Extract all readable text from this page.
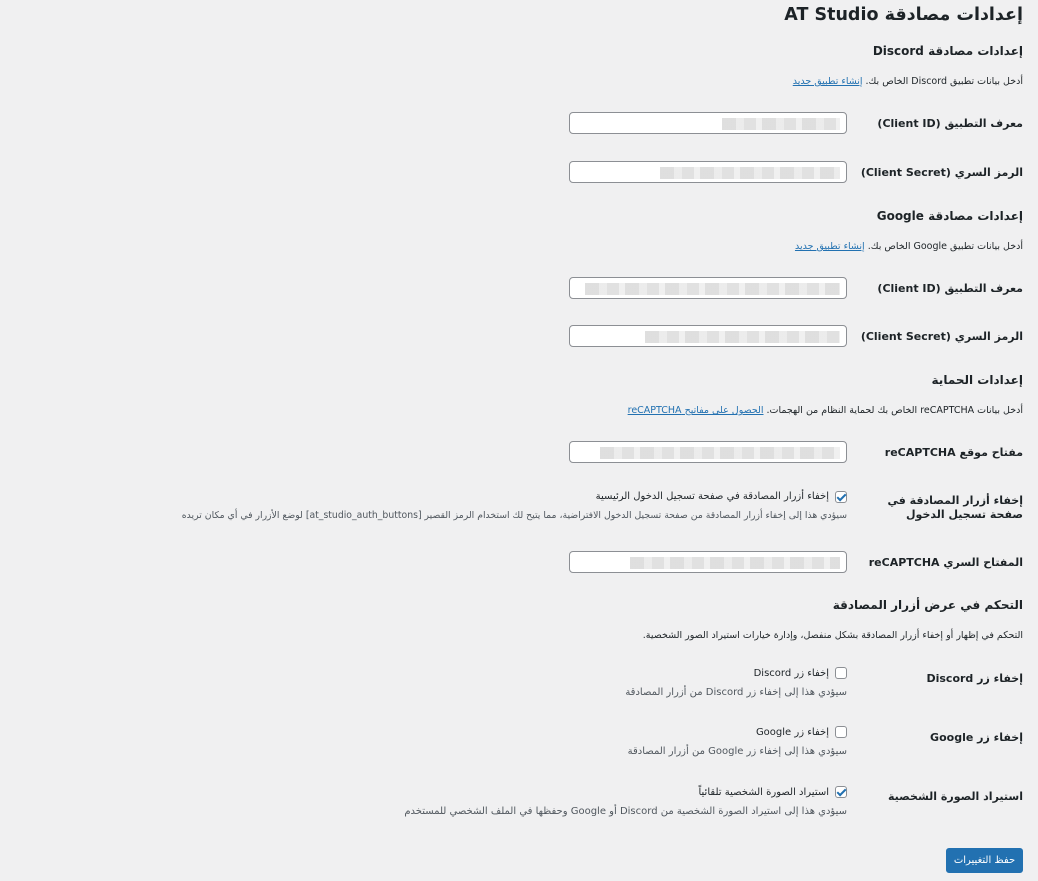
إعدادات مصادقة AT Studio
إعدادات مصادقة Discord
أدخل بيانات تطبيق Discord الخاص بك. إنشاء تطبيق جديد
معرف التطبيق (Client ID)
الرمز السري (Client Secret)
إعدادات مصادقة Google
أدخل بيانات تطبيق Google الخاص بك. إنشاء تطبيق جديد
معرف التطبيق (Client ID)
الرمز السري (Client Secret)
إعدادات الحماية
أدخل بيانات reCAPTCHA الخاص بك لحماية النظام من الهجمات. الحصول على مفاتيح reCAPTCHA
مفتاح موقع reCAPTCHA
إخفاء أزرار المصادقة في صفحة تسجيل الدخول
إخفاء أزرار المصادقة في صفحة تسجيل الدخول الرئيسية
سيؤدي هذا إلى إخفاء أزرار المصادقة من صفحة تسجيل الدخول الافتراضية، مما يتيح لك استخدام الرمز القصير [at_studio_auth_buttons] لوضع الأزرار في أي مكان تريده
المفتاح السري reCAPTCHA
التحكم في عرض أزرار المصادقة
التحكم في إظهار أو إخفاء أزرار المصادقة بشكل منفصل، وإدارة خيارات استيراد الصور الشخصية.
إخفاء زر Discord
إخفاء زر Discord
سيؤدي هذا إلى إخفاء زر Discord من أزرار المصادقة
إخفاء زر Google
إخفاء زر Google
سيؤدي هذا إلى إخفاء زر Google من أزرار المصادقة
استيراد الصورة الشخصية
استيراد الصورة الشخصية تلقائياً
سيؤدي هذا إلى استيراد الصورة الشخصية من Discord أو Google وحفظها في الملف الشخصي للمستخدم
حفظ التغييرات
